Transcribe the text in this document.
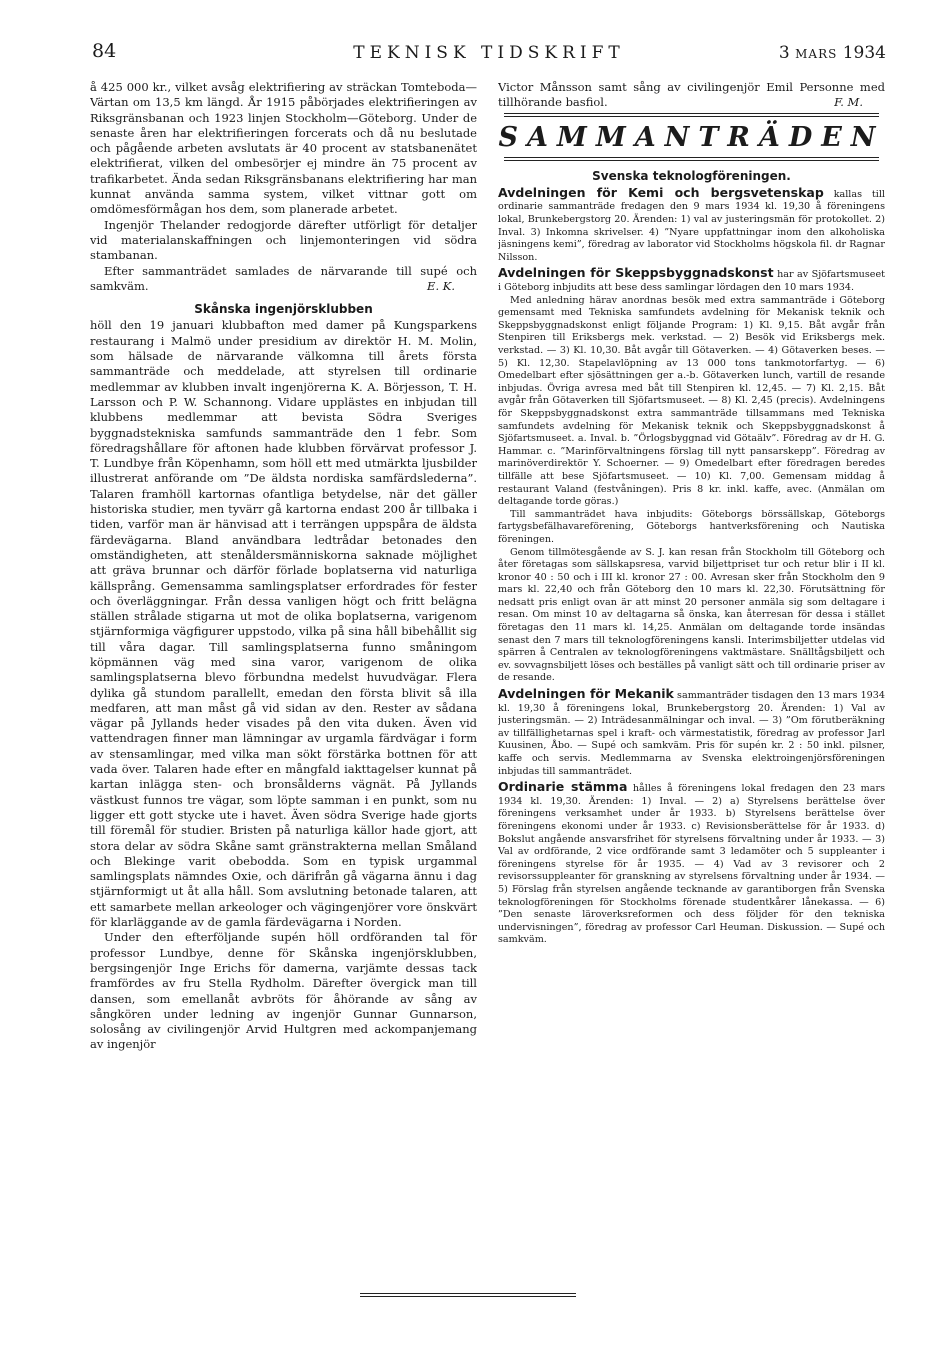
84	TEKNISK TIDSKRIFT	3 MARS 1934

å 425 000 kr., vilket avsåg elektrifiering av sträckan Tomteboda—Värtan om 13,5 km längd. År 1915 påbörjades elektrifieringen av Riksgränsbanan och 1923 linjen Stockholm—Göteborg. Under de senaste åren har elektrifieringen forcerats och då nu beslutade och pågående arbeten avslutats är 40 procent av statsbanenätet elektrifierat, vilken del ombesörjer ej mindre än 75 procent av trafikarbetet. Ända sedan Riksgränsbanans elektrifiering har man kunnat använda samma system, vilket vittnar gott om omdömesförmågan hos dem, som planerade arbetet.

Ingenjör Thelander redogjorde därefter utförligt för detaljer vid materialanskaffningen och linjemonteringen vid södra stambanan.

Efter sammanträdet samlades de närvarande till supé och samkväm.	E. K.

Skånska ingenjörsklubben

höll den 19 januari klubbafton med damer på Kungsparkens restaurang i Malmö under presidium av direktör H. M. Molin, som hälsade de närvarande välkomna till årets första sammanträde och meddelade, att styrelsen till ordinarie medlemmar av klubben invalt ingenjörerna K. A. Börjesson, T. H. Larsson och P. W. Schannong. Vidare upplästes en inbjudan till klubbens medlemmar att bevista Södra Sveriges byggnadstekniska samfunds sammanträde den 1 febr. Som föredragshållare för aftonen hade klubben förvärvat professor J. T. Lundbye från Köpenhamn, som höll ett med utmärkta ljusbilder illustrerat anförande om ”De äldsta nordiska samfärdslederna”. Talaren framhöll kartornas ofantliga betydelse, när det gäller historiska studier, men tyvärr gå kartorna endast 200 år tillbaka i tiden, varför man är hänvisad att i terrängen uppspåra de äldsta färdevägarna. Bland användbara ledtrådar betonades den omständigheten, att stenåldersmänniskorna saknade möjlighet att gräva brunnar och därför förlade boplatserna vid naturliga källsprång. Gemensamma samlingsplatser erfordrades för fester och överläggningar. Från dessa vanligen högt och fritt belägna ställen strålade stigarna ut mot de olika boplatserna, varigenom stjärnformiga vägfigurer uppstodo, vilka på sina håll bibehållit sig till våra dagar. Till samlingsplatserna funno småningom köpmännen väg med sina varor, varigenom de olika samlingsplatserna blevo förbundna medelst huvudvägar. Flera dylika gå stundom parallellt, emedan den första blivit så illa medfaren, att man måst gå vid sidan av den. Rester av sådana vägar på Jyllands heder visades på den vita duken. Även vid vattendragen finner man lämningar av urgamla färdvägar i form av stensamlingar, med vilka man sökt förstärka bottnen för att vada över. Talaren hade efter en mångfald iakttagelser kunnat på kartan inlägga sten- och bronsålderns vägnät. På Jyllands västkust funnos tre vägar, som löpte samman i en punkt, som nu ligger ett gott stycke ute i havet. Även södra Sverige hade gjorts till föremål för studier. Bristen på naturliga källor hade gjort, att stora delar av södra Skåne samt gränstrakterna mellan Småland och Blekinge varit obebodda. Som en typisk urgammal samlingsplats nämndes Oxie, och därifrån gå vägarna ännu i dag stjärnformigt ut åt alla håll. Som avslutning betonade talaren, att ett samarbete mellan arkeologer och vägingenjörer vore önskvärt för klarläggande av de gamla färdevägarna i Norden.

Under den efterföljande supén höll ordföranden tal för professor Lundbye, denne för Skånska ingenjörsklubben, bergsingenjör Inge Erichs för damerna, varjämte dessas tack framfördes av fru Stella Rydholm. Därefter övergick man till dansen, som emellanåt avbröts för åhörande av sång av sångkören under ledning av ingenjör Gunnar Gunnarson, solosång av civilingenjör Arvid Hultgren med ackompanjemang av ingenjör

Victor Månsson samt sång av civilingenjör Emil Personne med tillhörande basfiol.	F. M.

SAMMANTRÄDEN
Svenska teknologföreningen.

Avdelningen för Kemi och bergsvetenskap kallas till ordinarie sammanträde fredagen den 9 mars 1934 kl. 19,30 å föreningens lokal, Brunkebergstorg 20. Ärenden: 1) val av justeringsmän för protokollet. 2) Inval. 3) Inkomna skrivelser. 4) ”Nyare uppfattningar inom den alkoholiska jäsningens kemi”, föredrag av laborator vid Stockholms högskola fil. dr Ragnar Nilsson.

Avdelningen för Skeppsbyggnadskonst har av Sjöfartsmuseet i Göteborg inbjudits att bese dess samlingar lördagen den 10 mars 1934.

Med anledning härav anordnas besök med extra sammanträde i Göteborg gemensamt med Tekniska samfundets avdelning för Mekanisk teknik och Skeppsbyggnadskonst enligt följande Program: 1) Kl. 9,15. Båt avgår från Stenpiren till Eriksbergs mek. verkstad. — 2) Besök vid Eriksbergs mek. verkstad. — 3) Kl. 10,30. Båt avgår till Götaverken. — 4) Götaverken beses. — 5) Kl. 12,30. Stapelavlöpning av 13 000 tons tankmotorfartyg. — 6) Omedelbart efter sjösättningen ger a.-b. Götaverken lunch, vartill de resande inbjudas. Övriga avresa med båt till Stenpiren kl. 12,45. — 7) Kl. 2,15. Båt avgår från Götaverken till Sjöfartsmuseet. — 8) Kl. 2,45 (precis). Avdelningens för Skeppsbyggnadskonst extra sammanträde tillsammans med Tekniska samfundets avdelning för Mekanisk teknik och Skeppsbyggnadskonst å Sjöfartsmuseet. a. Inval. b. ”Örlogsbyggnad vid Götaälv”. Föredrag av dr H. G. Hammar. c. ”Marinförvaltningens förslag till nytt pansarskepp”. Föredrag av marinöverdirektör Y. Schoerner. — 9) Omedelbart efter föredragen beredes tillfälle att bese Sjöfartsmuseet. — 10) Kl. 7,00. Gemensam middag å restaurant Valand (festvåningen). Pris 8 kr. inkl. kaffe, avec. (Anmälan om deltagande torde göras.)

Till sammanträdet hava inbjudits: Göteborgs börssällskap, Göteborgs fartygsbefälhavareförening, Göteborgs hantverksförening och Nautiska föreningen.

Genom tillmötesgående av S. J. kan resan från Stockholm till Göteborg och åter företagas som sällskapsresa, varvid biljettpriset tur och retur blir i II kl. kronor 40 : 50 och i III kl. kronor 27 : 00. Avresan sker från Stockholm den 9 mars kl. 22,40 och från Göteborg den 10 mars kl. 22,30. Förutsättning för nedsatt pris enligt ovan är att minst 20 personer anmäla sig som deltagare i resan. Om minst 10 av deltagarna så önska, kan återresan för dessa i stället företagas den 11 mars kl. 14,25. Anmälan om deltagande torde insändas senast den 7 mars till teknologföreningens kansli. Interimsbiljetter utdelas vid spärren å Centralen av teknologföreningens vaktmästare. Snälltågsbiljett och ev. sovvagnsbiljett löses och beställes på vanligt sätt och till ordinarie priser av de resande.

Avdelningen för Mekanik sammanträder tisdagen den 13 mars 1934 kl. 19,30 å föreningens lokal, Brunkebergstorg 20. Ärenden: 1) Val av justeringsmän. — 2) Inträdesanmälningar och inval. — 3) ”Om förutberäkning av tillfällighetarnas spel i kraft- och värmestatistik, föredrag av professor Jarl Kuusinen, Åbo. — Supé och samkväm. Pris för supén kr. 2 : 50 inkl. pilsner, kaffe och servis. Medlemmarna av Svenska elektroingenjörsföreningen inbjudas till sammanträdet.

Ordinarie stämma hålles å föreningens lokal fredagen den 23 mars 1934 kl. 19,30. Ärenden: 1) Inval. — 2) a) Styrelsens berättelse över föreningens verksamhet under år 1933. b) Styrelsens berättelse över föreningens ekonomi under år 1933. c) Revisionsberättelse för år 1933. d) Bokslut angående ansvarsfrihet för styrelsens förvaltning under år 1933. — 3) Val av ordförande, 2 vice ordförande samt 3 ledamöter och 5 suppleanter i föreningens styrelse för år 1935. — 4) Vad av 3 revisorer och 2 revisorssuppleanter för granskning av styrelsens förvaltning under år 1934. — 5) Förslag från styrelsen angående tecknande av garantiborgen från Svenska teknologföreningen för Stockholms förenade studentkårer lånekassa. — 6) ”Den senaste läroverksreformen och dess följder för den tekniska undervisningen”, föredrag av professor Carl Heuman. Diskussion. — Supé och samkväm.
